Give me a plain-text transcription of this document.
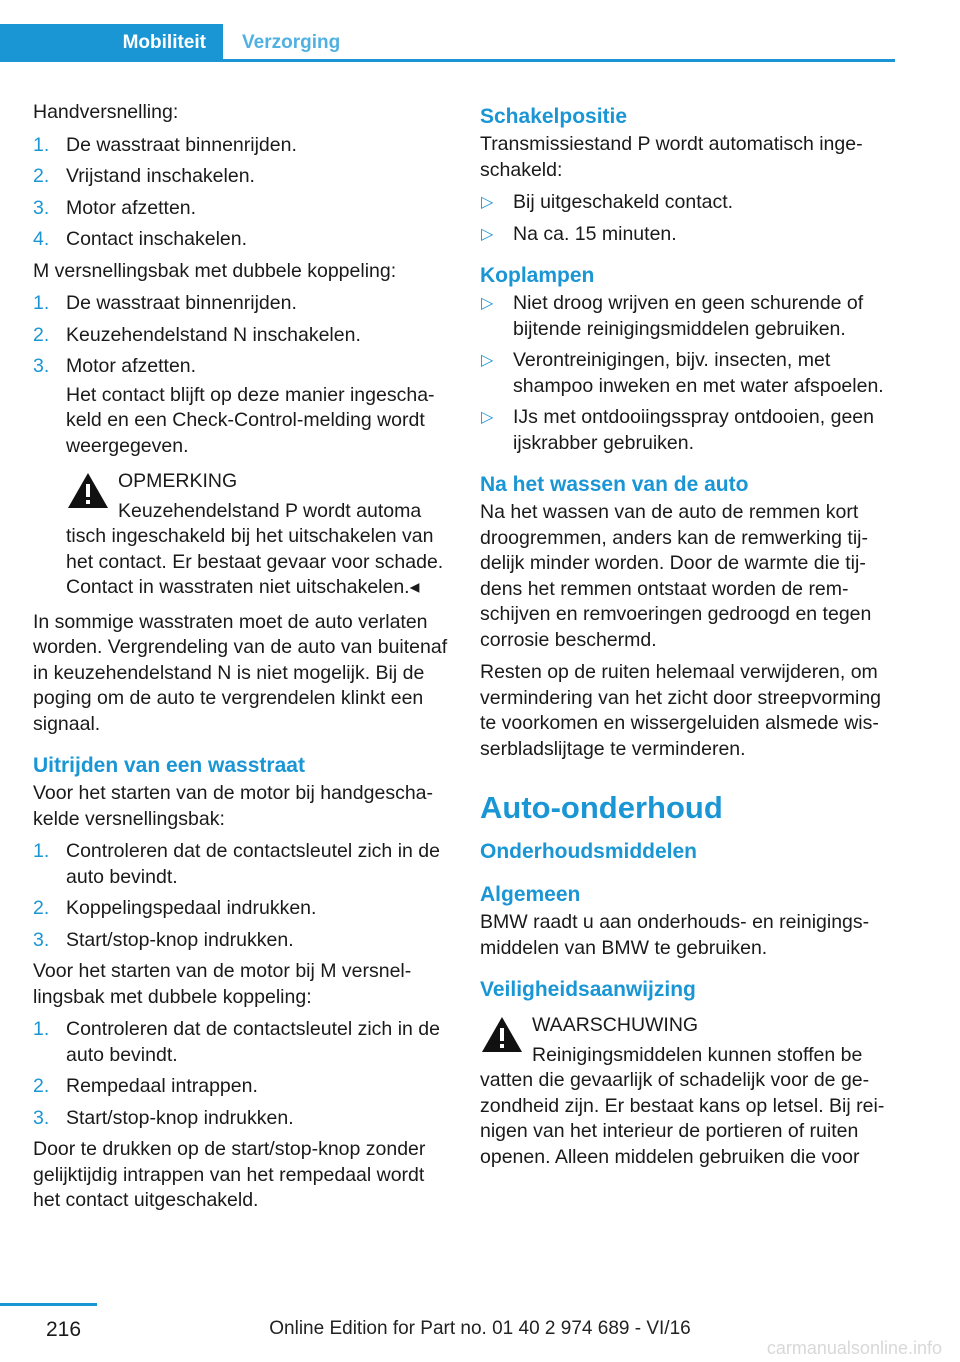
Mobiliteit	Verzorging

Handversnelling:

1. De wasstraat binnenrijden.
2. Vrijstand inschakelen.
3. Motor afzetten.
4. Contact inschakelen.

M versnellingsbak met dubbele koppeling:

1. De wasstraat binnenrijden.
2. Keuzehendelstand N inschakelen.
3. Motor afzetten.
Het contact blijft op deze manier ingeschakeld en een Check-Control-melding wordt weergegeven.
OPMERKING
Keuzehendelstand P wordt automa
tisch ingeschakeld bij het uitschakelen van het contact. Er bestaat gevaar voor schade. Contact in wasstraten niet uitschakelen.◂

In sommige wasstraten moet de auto verlaten worden. Vergrendeling van de auto van buitenaf in keuzehendelstand N is niet mogelijk. Bij de poging om de auto te vergrendelen klinkt een signaal.

Uitrijden van een wasstraat

Voor het starten van de motor bij handgeschakelde versnellingsbak:

1. Controleren dat de contactsleutel zich in de auto bevindt.
2. Koppelingspedaal indrukken.
3. Start/stop-knop indrukken.

Voor het starten van de motor bij M versnellingsbak met dubbele koppeling:

1. Controleren dat de contactsleutel zich in de auto bevindt.
2. Rempedaal intrappen.
3. Start/stop-knop indrukken.

Door te drukken op de start/stop-knop zonder gelijktijdig intrappen van het rempedaal wordt het contact uitgeschakeld.

Schakelpositie

Transmissiestand P wordt automatisch ingeschakeld:

▷ Bij uitgeschakeld contact.
▷ Na ca. 15 minuten.
Koplampen
▷ Niet droog wrijven en geen schurende of bijtende reinigingsmiddelen gebruiken.
▷ Verontreinigingen, bijv. insecten, met shampoo inweken en met water afspoelen.
▷ IJs met ontdooiingsspray ontdooien, geen ijskrabber gebruiken.
Na het wassen van de auto

Na het wassen van de auto de remmen kort droogremmen, anders kan de remwerking tijdelijk minder worden. Door de warmte die tijdens het remmen ontstaat worden de remschijven en remvoeringen gedroogd en tegen corrosie beschermd.

Resten op de ruiten helemaal verwijderen, om vermindering van het zicht door streepvorming te voorkomen en wissergeluiden alsmede wisserbladslijtage te verminderen.

Auto-onderhoud
Onderhoudsmiddelen
Algemeen

BMW raadt u aan onderhouds- en reinigingsmiddelen van BMW te gebruiken.

Veiligheidsaanwijzing
WAARSCHUWING
Reinigingsmiddelen kunnen stoffen be
vatten die gevaarlijk of schadelijk voor de gezondheid zijn. Er bestaat kans op letsel. Bij reinigen van het interieur de portieren of ruiten openen. Alleen middelen gebruiken die voor
216	Online Edition for Part no. 01 40 2 974 689 - VI/16
carmanualsonline.info
